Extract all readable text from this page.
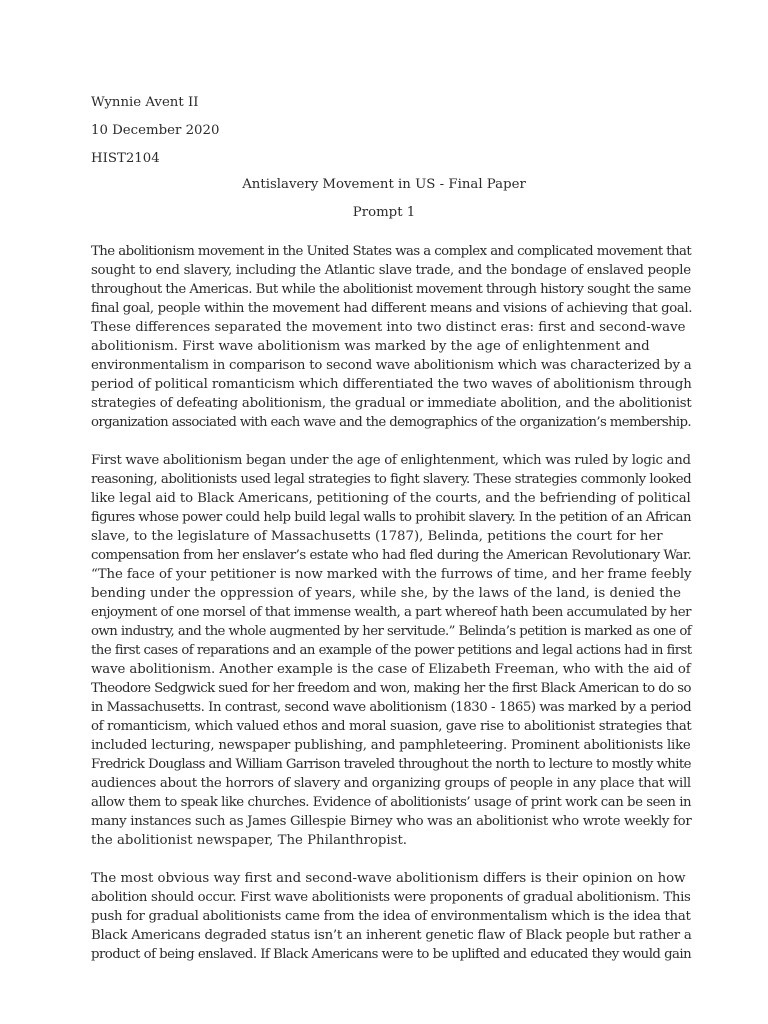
Wynnie Avent II
10 December 2020
HIST2104
Antislavery Movement in US - Final Paper
Prompt 1
The abolitionism movement in the United States was a complex and complicated movement that
sought to end slavery, including the Atlantic slave trade, and the bondage of enslaved people
throughout the Americas. But while the abolitionist movement through history sought the same
final goal, people within the movement had different means and visions of achieving that goal.
These differences separated the movement into two distinct eras: first and second-wave
abolitionism. First wave abolitionism was marked by the age of enlightenment and
environmentalism in comparison to second wave abolitionism which was characterized by a
period of political romanticism which differentiated the two waves of abolitionism through
strategies of defeating abolitionism, the gradual or immediate abolition, and the abolitionist
organization associated with each wave and the demographics of the organization’s membership.
First wave abolitionism began under the age of enlightenment, which was ruled by logic and
reasoning, abolitionists used legal strategies to fight slavery. These strategies commonly looked
like legal aid to Black Americans, petitioning of the courts, and the befriending of political
figures whose power could help build legal walls to prohibit slavery. In the petition of an African
slave, to the legislature of Massachusetts (1787), Belinda, petitions the court for her
compensation from her enslaver’s estate who had fled during the American Revolutionary War.
“The face of your petitioner is now marked with the furrows of time, and her frame feebly
bending under the oppression of years, while she, by the laws of the land, is denied the
enjoyment of one morsel of that immense wealth, a part whereof hath been accumulated by her
own industry, and the whole augmented by her servitude.” Belinda’s petition is marked as one of
the first cases of reparations and an example of the power petitions and legal actions had in first
wave abolitionism. Another example is the case of Elizabeth Freeman, who with the aid of
Theodore Sedgwick sued for her freedom and won, making her the first Black American to do so
in Massachusetts. In contrast, second wave abolitionism (1830 - 1865) was marked by a period
of romanticism, which valued ethos and moral suasion, gave rise to abolitionist strategies that
included lecturing, newspaper publishing, and pamphleteering. Prominent abolitionists like
Fredrick Douglass and William Garrison traveled throughout the north to lecture to mostly white
audiences about the horrors of slavery and organizing groups of people in any place that will
allow them to speak like churches. Evidence of abolitionists’ usage of print work can be seen in
many instances such as James Gillespie Birney who was an abolitionist who wrote weekly for
the abolitionist newspaper, The Philanthropist.
The most obvious way first and second-wave abolitionism differs is their opinion on how
abolition should occur. First wave abolitionists were proponents of gradual abolitionism. This
push for gradual abolitionists came from the idea of environmentalism which is the idea that
Black Americans degraded status isn’t an inherent genetic flaw of Black people but rather a
product of being enslaved. If Black Americans were to be uplifted and educated they would gain
